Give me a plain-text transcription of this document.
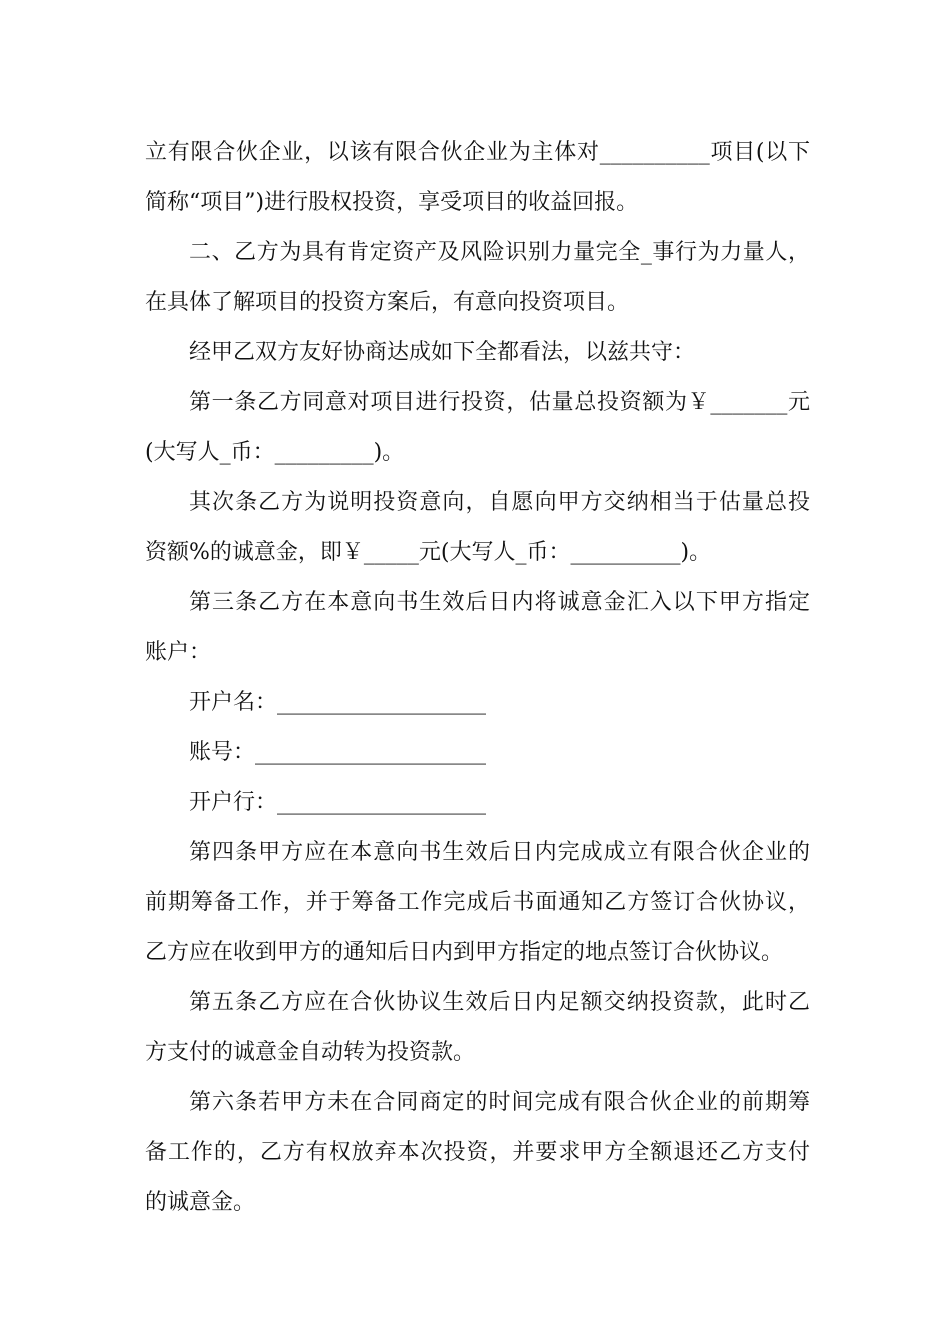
立有限合伙企业，以该有限合伙企业为主体对__________项目(以下
简称“项目”)进行股权投资，享受项目的收益回报。
二、乙方为具有肯定资产及风险识别力量完全_事行为力量人，
在具体了解项目的投资方案后，有意向投资项目。
经甲乙双方友好协商达成如下全都看法，以兹共守：
第一条乙方同意对项目进行投资，估量总投资额为￥_______元
(大写人_币：_________)。
其次条乙方为说明投资意向，自愿向甲方交纳相当于估量总投
资额%的诚意金，即￥_____元(大写人_币：__________)。
第三条乙方在本意向书生效后日内将诚意金汇入以下甲方指定
账户：
开户名：___________________
账号：_____________________
开户行：___________________
第四条甲方应在本意向书生效后日内完成成立有限合伙企业的
前期筹备工作，并于筹备工作完成后书面通知乙方签订合伙协议，
乙方应在收到甲方的通知后日内到甲方指定的地点签订合伙协议。
第五条乙方应在合伙协议生效后日内足额交纳投资款，此时乙
方支付的诚意金自动转为投资款。
第六条若甲方未在合同商定的时间完成有限合伙企业的前期筹
备工作的，乙方有权放弃本次投资，并要求甲方全额退还乙方支付
的诚意金。
